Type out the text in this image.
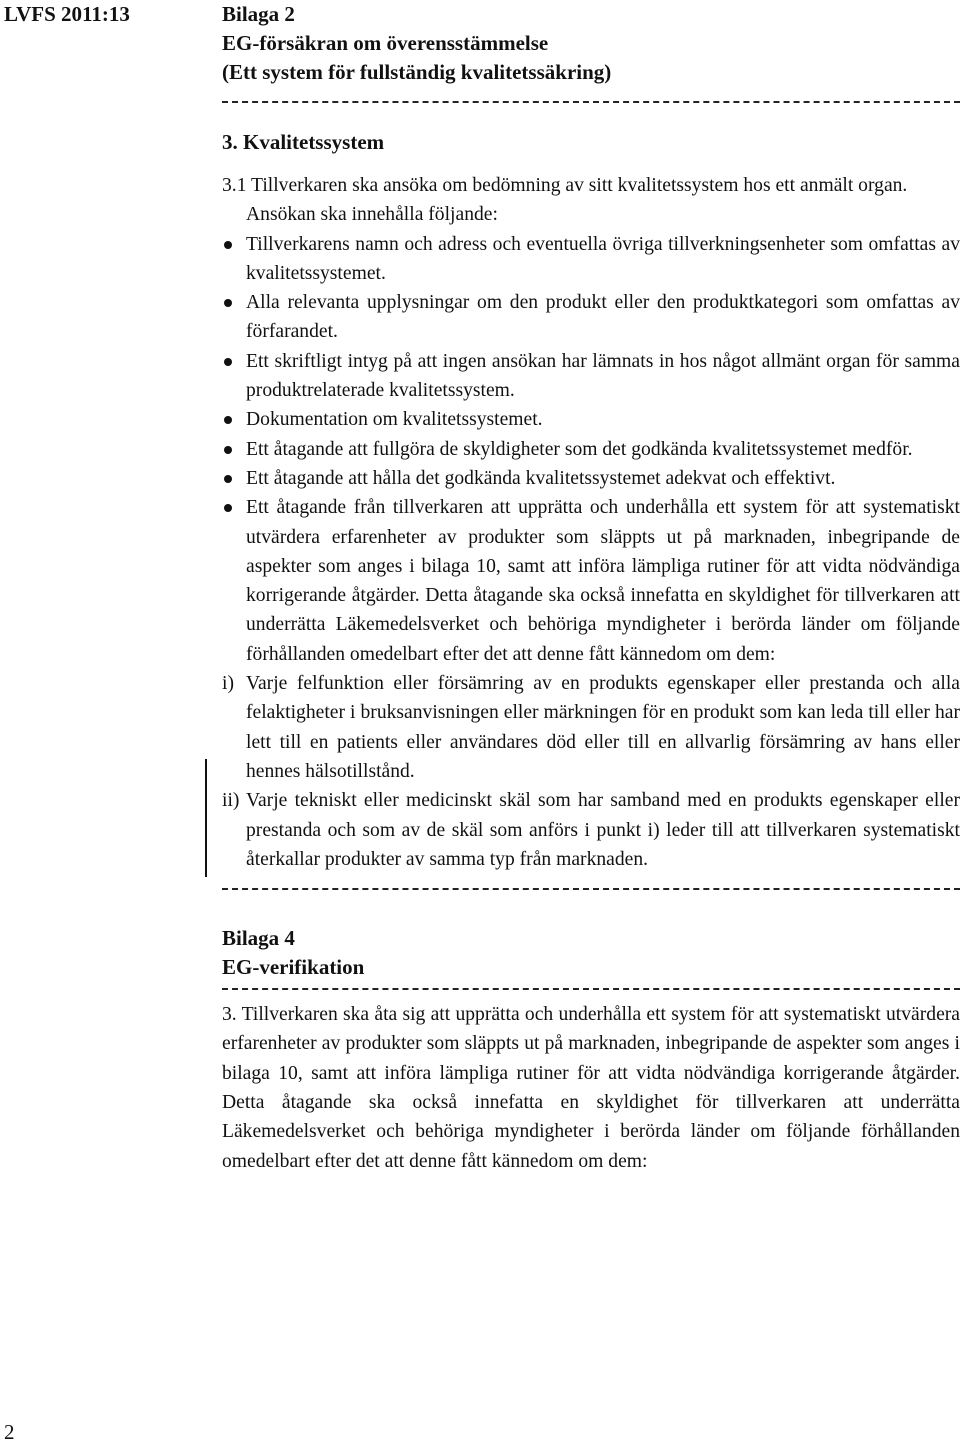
LVFS 2011:13	Bilaga 2
EG-försäkran om överensstämmelse
(Ett system för fullständig kvalitetssäkring)
3. Kvalitetssystem
3.1 Tillverkaren ska ansöka om bedömning av sitt kvalitetssystem hos ett anmält organ.
Ansökan ska innehålla följande:
Tillverkarens namn och adress och eventuella övriga tillverkningsenheter som omfattas av kvalitetssystemet.
Alla relevanta upplysningar om den produkt eller den produktkategori som omfattas av förfarandet.
Ett skriftligt intyg på att ingen ansökan har lämnats in hos något allmänt organ för samma produktrelaterade kvalitetssystem.
Dokumentation om kvalitetssystemet.
Ett åtagande att fullgöra de skyldigheter som det godkända kvalitetssystemet medför.
Ett åtagande att hålla det godkända kvalitetssystemet adekvat och effektivt.
Ett åtagande från tillverkaren att upprätta och underhålla ett system för att systematiskt utvärdera erfarenheter av produkter som släppts ut på marknaden, inbegripande de aspekter som anges i bilaga 10, samt att införa lämpliga rutiner för att vidta nödvändiga korrigerande åtgärder. Detta åtagande ska också innefatta en skyldighet för tillverkaren att underrätta Läkemedelsverket och behöriga myndigheter i berörda länder om följande förhållanden omedelbart efter det att denne fått kännedom om dem:
i) Varje felfunktion eller försämring av en produkts egenskaper eller prestanda och alla felaktigheter i bruksanvisningen eller märkningen för en produkt som kan leda till eller har lett till en patients eller användares död eller till en allvarlig försämring av hans eller hennes hälsotillstånd.
ii) Varje tekniskt eller medicinskt skäl som har samband med en produkts egenskaper eller prestanda och som av de skäl som anförs i punkt i) leder till att tillverkaren systematiskt återkallar produkter av samma typ från marknaden.
Bilaga 4
EG-verifikation
3. Tillverkaren ska åta sig att upprätta och underhålla ett system för att systematiskt utvärdera erfarenheter av produkter som släppts ut på marknaden, inbegripande de aspekter som anges i bilaga 10, samt att införa lämpliga rutiner för att vidta nödvändiga korrigerande åtgärder. Detta åtagande ska också innefatta en skyldighet för tillverkaren att underrätta Läkemedelsverket och behöriga myndigheter i berörda länder om följande förhållanden omedelbart efter det att denne fått kännedom om dem:
2
